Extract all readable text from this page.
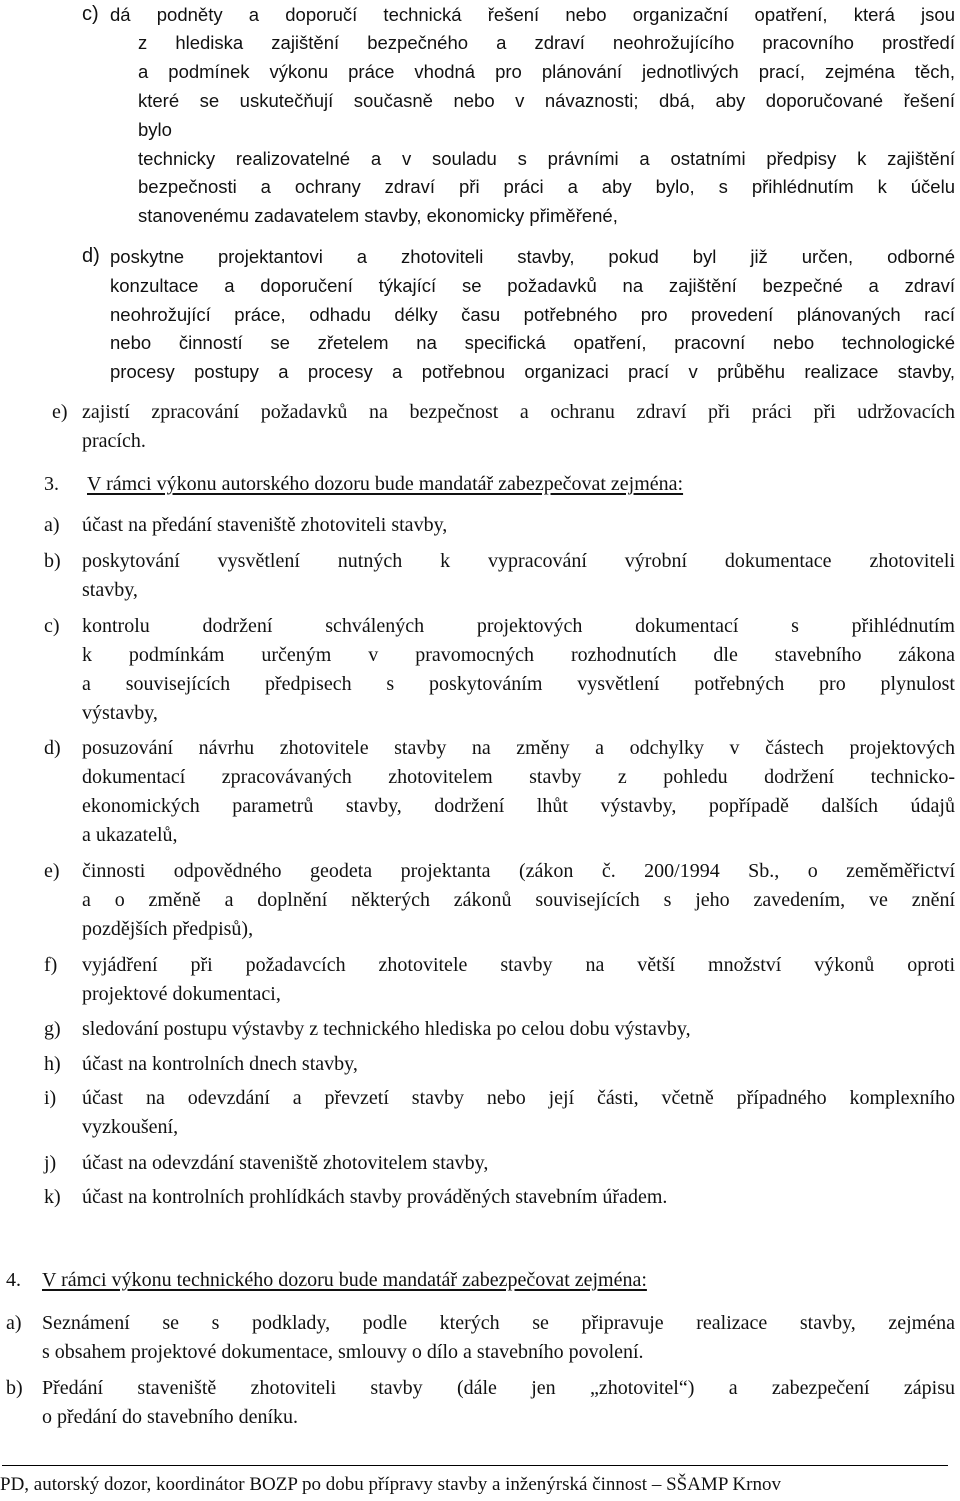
c) dá podněty a doporučí technická řešení nebo organizační opatření, která jsou
z hlediska zajištění bezpečného a zdraví neohrožujícího pracovního prostředí
a podmínek výkonu práce vhodná pro plánování jednotlivých prací, zejména těch,
které se uskutečňují současně nebo v návaznosti; dbá, aby doporučované řešení
bylo
technicky realizovatelné a v souladu s právními a ostatními předpisy k zajištění
bezpečnosti a ochrany zdraví při práci a aby bylo, s přihlédnutím k účelu
stanovenému zadavatelem stavby, ekonomicky přiměřené,
d) poskytne projektantovi a zhotoviteli stavby, pokud byl již určen, odborné
konzultace a doporučení týkající se požadavků na zajištění bezpečné a zdraví
neohrožující práce, odhadu délky času potřebného pro provedení plánovaných rací
nebo činností se zřetelem na specifická opatření, pracovní nebo technologické
procesy postupy a procesy a potřebnou organizaci prací v průběhu realizace stavby,
e) zajistí zpracování požadavků na bezpečnost a ochranu zdraví při práci při udržovacích
pracích.
3. V rámci výkonu autorského dozoru bude mandatář zabezpečovat zejména:
a) účast na předání staveniště zhotoviteli stavby,
b) poskytování vysvětlení nutných k vypracování výrobní dokumentace zhotoviteli
stavby,
c) kontrolu dodržení schválených projektových dokumentací s přihlédnutím
k podmínkám určeným v pravomocných rozhodnutích dle stavebního zákona
a souvisejících předpisech s poskytováním vysvětlení potřebných pro plynulost
výstavby,
d) posuzování návrhu zhotovitele stavby na změny a odchylky v částech projektových
dokumentací zpracovávaných zhotovitelem stavby z pohledu dodržení technicko-
ekonomických parametrů stavby, dodržení lhůt výstavby, popřípadě dalších údajů
a ukazatelů,
e) činnosti odpovědného geodeta projektanta (zákon č. 200/1994 Sb., o zeměměřictví
a o změně a doplnění některých zákonů souvisejících s jeho zavedením, ve znění
pozdějších předpisů),
f) vyjádření při požadavcích zhotovitele stavby na větší množství výkonů oproti
projektové dokumentaci,
g) sledování postupu výstavby z technického hlediska po celou dobu výstavby,
h) účast na kontrolních dnech stavby,
i) účast na odevzdání a převzetí stavby nebo její části, včetně případného komplexního
vyzkoušení,
j) účast na odevzdání staveniště zhotovitelem stavby,
k) účast na kontrolních prohlídkách stavby prováděných stavebním úřadem.
4. V rámci výkonu technického dozoru bude mandatář zabezpečovat zejména:
a) Seznámení se s podklady, podle kterých se připravuje realizace stavby, zejména
s obsahem projektové dokumentace, smlouvy o dílo a stavebního povolení.
b) Předání staveniště zhotoviteli stavby (dále jen „zhotovitel“) a zabezpečení zápisu
o předání do stavebního deníku.
PD, autorský dozor, koordinátor BOZP po dobu přípravy stavby a inženýrská činnost – SŠAMP Krnov
